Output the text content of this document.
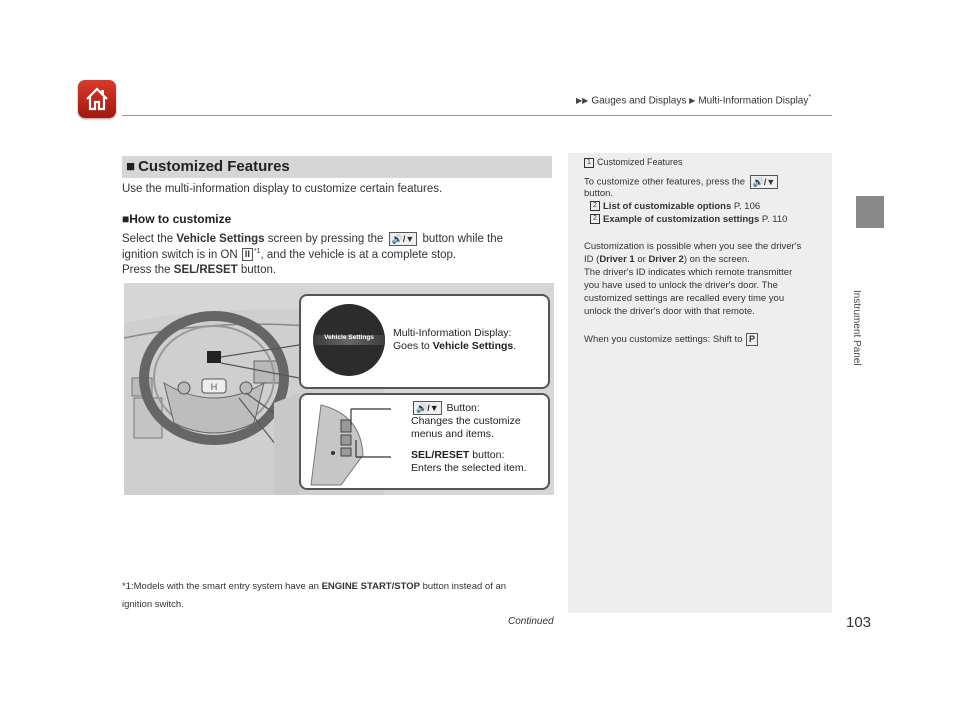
▶▶ Gauges and Displays ▶ Multi-Information Display*
Instrument Panel
■ Customized Features
Use the multi-information display to customize certain features.
■How to customize
Select the Vehicle Settings screen by pressing the 🔊/▼ button while the
ignition switch is in ON II $^{*1}$, and the vehicle is at a complete stop.
Press the SEL/RESET button.
H
Vehicle Settings	Multi-Information Display:
Goes to Vehicle Settings.
🔊/▼ Button:
Changes the customize
menus and items.
SEL/RESET button:
Enters the selected item.
*1:Models with the smart entry system have an ENGINE START/STOP button instead of an
ignition switch.
Continued	103
1 Customized Features
To customize other features, press the 🔊/▼
button.
2 List of customizable options P. 106
2 Example of customization settings P. 110
Customization is possible when you see the driver's
ID (Driver 1 or Driver 2) on the screen.
The driver's ID indicates which remote transmitter
you have used to unlock the driver's door. The
customized settings are recalled every time you
unlock the driver's door with that remote.
When you customize settings: Shift to P
